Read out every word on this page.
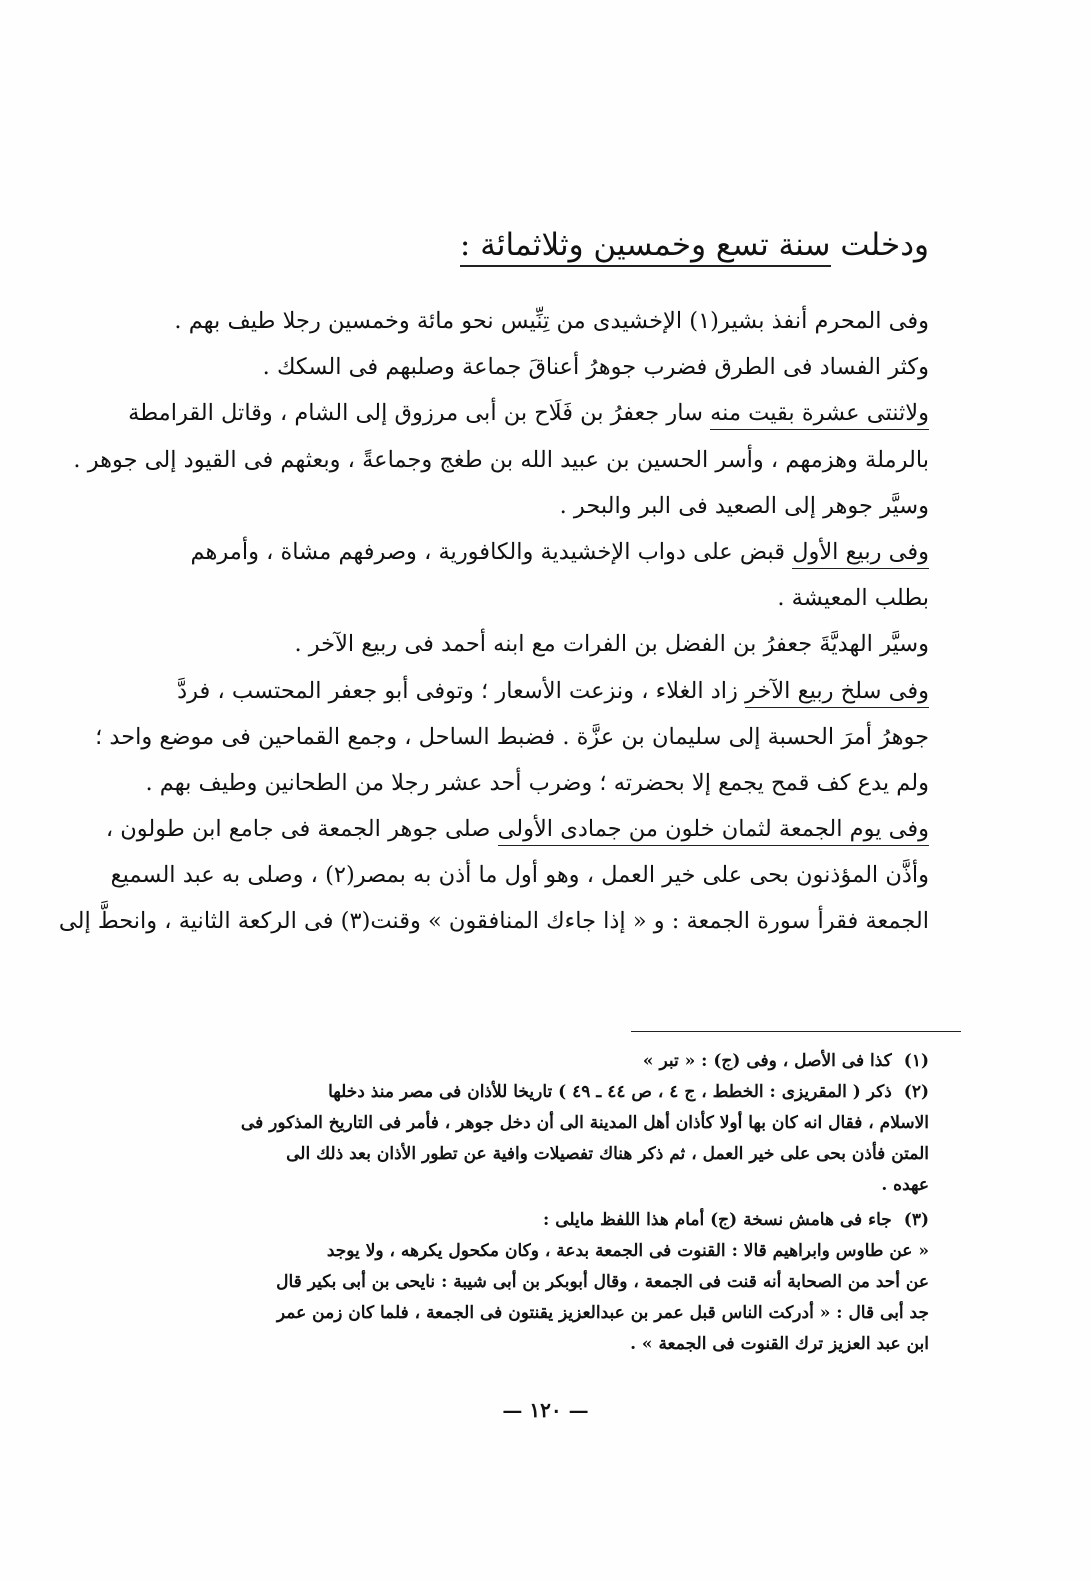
ودخلت سنة تسع وخمسين وثلاثمائة :
وفى المحرم أنفذ بشير(١) الإخشيدى من تِنِّيس نحو مائة وخمسين رجلا طيف بهم .
وكثر الفساد فى الطرق فضرب جوهرُ أعناقَ جماعة وصلبهم فى السكك .
ولاثنتى عشرة بقيت منه سار جعفرُ بن فَلَاح بن أبى مرزوق إلى الشام ، وقاتل القرامطة
بالرملة وهزمهم ، وأسر الحسين بن عبيد الله بن طغج وجماعةً ، وبعثهم فى القيود إلى جوهر .
وسيَّر جوهر إلى الصعيد فى البر والبحر .
وفى ربيع الأول قبض على دواب الإخشيدية والكافورية ، وصرفهم مشاة ، وأمرهم
بطلب المعيشة .
وسيَّر الهديَّةَ جعفرُ بن الفضل بن الفرات مع ابنه أحمد فى ربيع الآخر .
وفى سلخ ربيع الآخر زاد الغلاء ، ونزعت الأسعار ؛ وتوفى أبو جعفر المحتسب ، فردَّ
جوهرُ أمرَ الحسبة إلى سليمان بن عزَّة . فضبط الساحل ، وجمع القماحين فى موضع واحد ؛
ولم يدع كف قمح يجمع إلا بحضرته ؛ وضرب أحد عشر رجلا من الطحانين وطيف بهم .
وفى يوم الجمعة لثمان خلون من جمادى الأولى صلى جوهر الجمعة فى جامع ابن طولون ،
وأذَّن المؤذنون بحى على خير العمل ، وهو أول ما أذن به بمصر(٢) ، وصلى به عبد السميع
الجمعة فقرأ سورة الجمعة : و « إذا جاءك المنافقون » وقنت(٣) فى الركعة الثانية ، وانحطَّ إلى
(١)كذا فى الأصل ، وفى (ج) : « تبر »
(٢)ذكر ( المقريزى : الخطط ، ج ٤ ، ص ٤٤ ـ ٤٩ ) تاريخا للأذان فى مصر منذ دخلها
الاسلام ، فقال انه كان بها أولا كأذان أهل المدينة الى أن دخل جوهر ، فأمر فى التاريخ المذكور فى
المتن فأذن بحى على خير العمل ، ثم ذكر هناك تفصيلات وافية عن تطور الأذان بعد ذلك الى
عهده .
(٣)جاء فى هامش نسخة (ج) أمام هذا اللفظ مايلى :
« عن طاوس وابراهيم قالا : القنوت فى الجمعة بدعة ، وكان مكحول يكرهه ، ولا يوجد
عن أحد من الصحابة أنه قنت فى الجمعة ، وقال أبوبكر بن أبى شيبة : نايحى بن أبى بكير قال
جد أبى قال : « أدركت الناس قبل عمر بن عبدالعزيز يقنتون فى الجمعة ، فلما كان زمن عمر
ابن عبد العزيز ترك القنوت فى الجمعة » .
— ١٢٠ —
